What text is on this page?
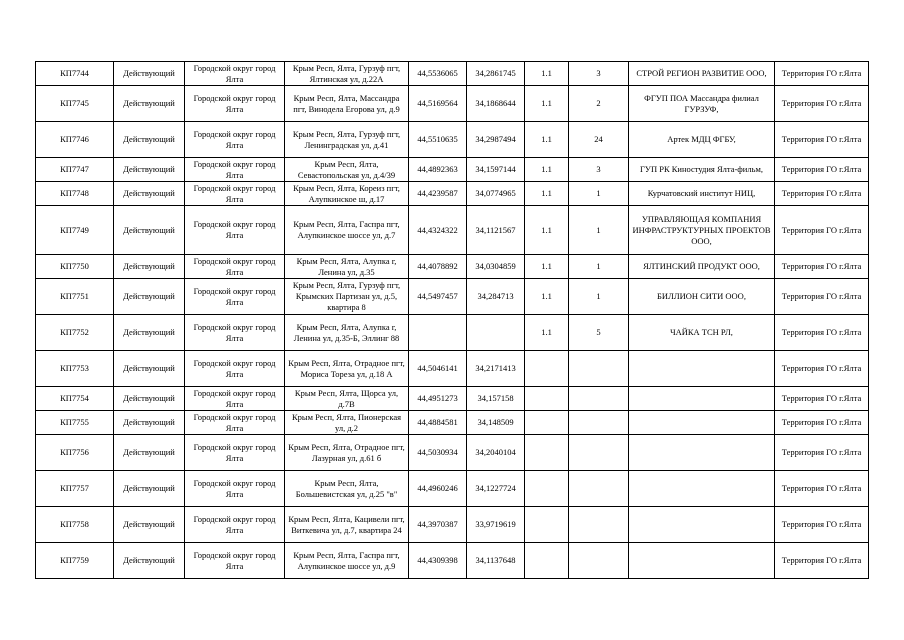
КП7744	Действующий	Городской округ город Ялта	Крым Респ, Ялта, Гурзуф пгт, Ялтинская ул, д.22А	44,5536065	34,2861745	1.1	3	СТРОЙ РЕГИОН РАЗВИТИЕ ООО,	Территория ГО г.Ялта
КП7745	Действующий	Городской округ город Ялта	Крым Респ, Ялта, Массандра пгт, Винодела Егорова ул, д.9	44,5169564	34,1868644	1.1	2	ФГУП ПОА Массандра филиал ГУРЗУФ,	Территория ГО г.Ялта
КП7746	Действующий	Городской округ город Ялта	Крым Респ, Ялта, Гурзуф пгт, Ленинградская ул, д.41	44,5510635	34,2987494	1.1	24	Артек МДЦ ФГБУ,	Территория ГО г.Ялта
КП7747	Действующий	Городской округ город Ялта	Крым Респ, Ялта, Севастопольская ул, д.4/39	44,4892363	34,1597144	1.1	3	ГУП РК Киностудия Ялта-фильм,	Территория ГО г.Ялта
КП7748	Действующий	Городской округ город Ялта	Крым Респ, Ялта, Кореиз пгт, Алупкинское ш, д.17	44,4239587	34,0774965	1.1	1	Курчатовский институт НИЦ,	Территория ГО г.Ялта
КП7749	Действующий	Городской округ город Ялта	Крым Респ, Ялта, Гаспра пгт, Алупкинское шоссе ул, д.7	44,4324322	34,1121567	1.1	1	УПРАВЛЯЮЩАЯ КОМПАНИЯ ИНФРАСТРУКТУРНЫХ ПРОЕКТОВ ООО,	Территория ГО г.Ялта
КП7750	Действующий	Городской округ город Ялта	Крым Респ, Ялта, Алупка г, Ленина ул, д.35	44,4078892	34,0304859	1.1	1	ЯЛТИНСКИЙ ПРОДУКТ ООО,	Территория ГО г.Ялта
КП7751	Действующий	Городской округ город Ялта	Крым Респ, Ялта, Гурзуф пгт, Крымских Партизан ул, д.5, квартира 8	44,5497457	34,284713	1.1	1	БИЛЛИОН СИТИ ООО,	Территория ГО г.Ялта
КП7752	Действующий	Городской округ город Ялта	Крым Респ, Ялта, Алупка г, Ленина ул, д.35-Б, Эллинг 88			1.1	5	ЧАЙКА ТСН РЛ,	Территория ГО г.Ялта
КП7753	Действующий	Городской округ город Ялта	Крым Респ, Ялта, Отрадное пгт, Мориса Тореза ул, д.18 А	44,5046141	34,2171413				Территория ГО г.Ялта
КП7754	Действующий	Городской округ город Ялта	Крым Респ, Ялта, Щорса ул, д.7В	44,4951273	34,157158				Территория ГО г.Ялта
КП7755	Действующий	Городской округ город Ялта	Крым Респ, Ялта, Пионерская ул, д.2	44,4884581	34,148509				Территория ГО г.Ялта
КП7756	Действующий	Городской округ город Ялта	Крым Респ, Ялта, Отрадное пгт, Лазурная ул, д.61 б	44,5030934	34,2040104				Территория ГО г.Ялта
КП7757	Действующий	Городской округ город Ялта	Крым Респ, Ялта, Большевистская ул, д.25 "в"	44,4960246	34,1227724				Территория ГО г.Ялта
КП7758	Действующий	Городской округ город Ялта	Крым Респ, Ялта, Кацивели пгт, Виткевича ул, д.7, квартира 24	44,3970387	33,9719619				Территория ГО г.Ялта
КП7759	Действующий	Городской округ город Ялта	Крым Респ, Ялта, Гаспра пгт, Алупкинское шоссе ул, д.9	44,4309398	34,1137648				Территория ГО г.Ялта
